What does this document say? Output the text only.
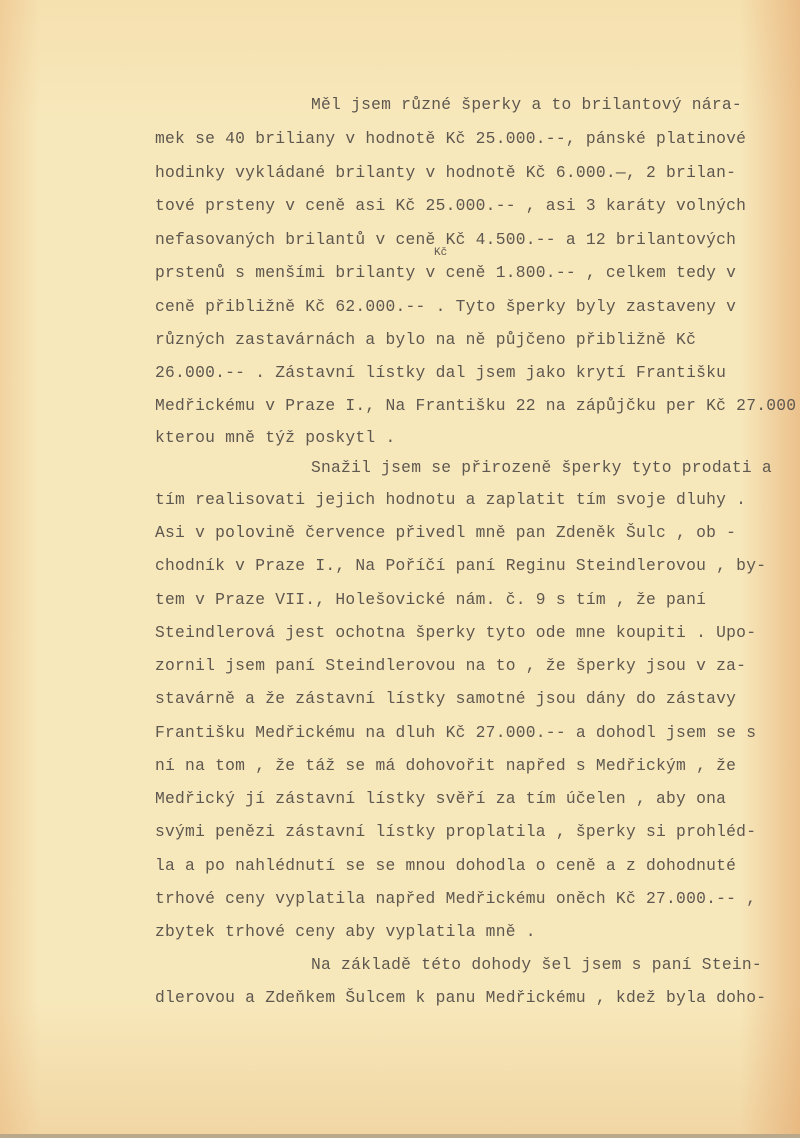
Měl jsem různé šperky a to brilantový nára-
mek se 40 briliany v hodnotě Kč 25.000.--, pánské platinové
hodinky vykládané brilanty v hodnotě Kč 6.000.—, 2 brilan-
tové prsteny v ceně asi Kč 25.000.-- , asi 3 karáty volných
nefasovaných brilantů v ceně Kč 4.500.-- a 12 brilantových
Kč
prstenů s menšími brilanty v ceně 1.800.-- , celkem tedy v
ceně přibližně Kč 62.000.-- . Tyto šperky byly zastaveny v
různých zastavárnách a bylo na ně půjčeno přibližně Kč
26.000.-- . Zástavní lístky dal jsem jako krytí Františku
Medřickému v Praze I., Na Františku 22 na zápůjčku per Kč 27.000
kterou mně týž poskytl .
Snažil jsem se přirozeně šperky tyto prodati a
tím realisovati jejich hodnotu a zaplatit tím svoje dluhy .
Asi v polovině července přivedl mně pan Zdeněk Šulc , ob -
chodník v Praze I., Na Poříčí paní Reginu Steindlerovou , by-
tem v Praze VII., Holešovické nám. č. 9 s tím , že paní
Steindlerová jest ochotna šperky tyto ode mne koupiti . Upo-
zornil jsem paní Steindlerovou na to , že šperky jsou v za-
stavárně a že zástavní lístky samotné jsou dány do zástavy
Františku Medřickému na dluh Kč 27.000.-- a dohodl jsem se s
ní na tom , že táž se má dohovořit napřed s Medřickým , že
Medřický jí zástavní lístky svěří za tím účelen , aby ona
svými penězi zástavní lístky proplatila , šperky si prohléd-
la a po nahlédnutí se se mnou dohodla o ceně a z dohodnuté
trhové ceny vyplatila napřed Medřickému oněch Kč 27.000.-- ,
zbytek trhové ceny aby vyplatila mně .
Na základě této dohody šel jsem s paní Stein-
dlerovou a Zdeňkem Šulcem k panu Medřickému , kdež byla doho-
